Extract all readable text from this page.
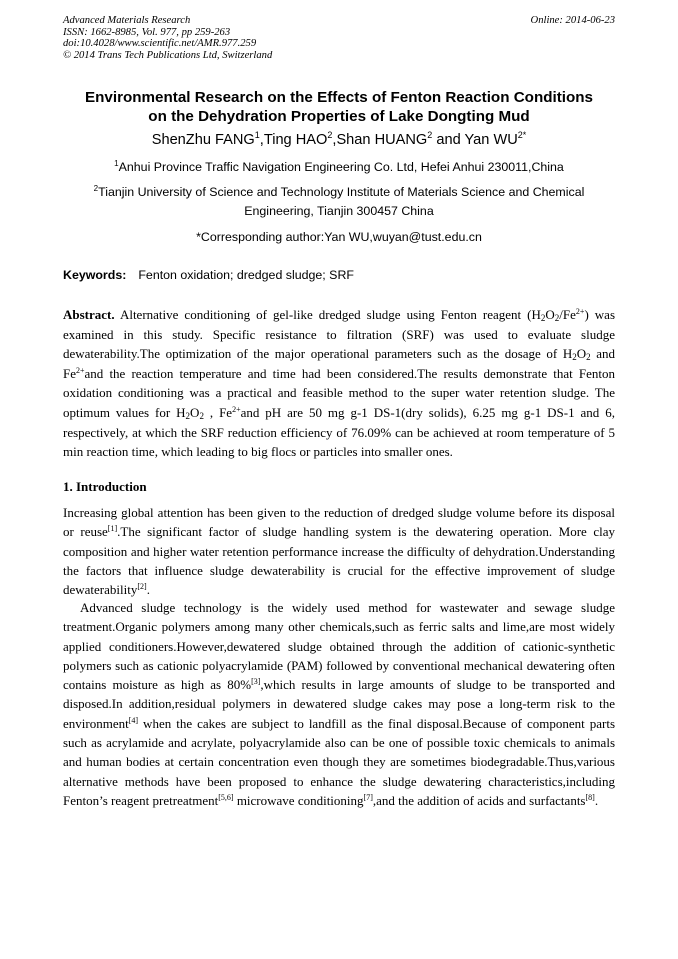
Advanced Materials Research
ISSN: 1662-8985, Vol. 977, pp 259-263
doi:10.4028/www.scientific.net/AMR.977.259
© 2014 Trans Tech Publications Ltd, Switzerland
Online: 2014-06-23
Environmental Research on the Effects of Fenton Reaction Conditions
on the Dehydration Properties of Lake Dongting Mud
ShenZhu FANG$^1$,Ting HAO$^2$,Shan HUANG$^2$ and Yan $WU^{2*}$
$^1$Anhui Province Traffic Navigation Engineering Co. Ltd, Hefei Anhui 230011,China
$^2$Tianjin University of Science and Technology Institute of Materials Science and Chemical Engineering, Tianjin 300457 China
*Corresponding author:Yan WU,wuyan@tust.edu.cn
Keywords: Fenton oxidation; dredged sludge; SRF
Abstract. Alternative conditioning of gel-like dredged sludge using Fenton reagent $(H_2O_2/Fe^{2+})$ was examined in this study. Specific resistance to filtration (SRF) was used to evaluate sludge dewaterability.The optimization of the major operational parameters such as the dosage of $H_2O_2$ and $Fe^{2+}and$ the reaction temperature and time had been considered.The results demonstrate that Fenton oxidation conditioning was a practical and feasible method to the super water retention sludge. The optimum values for $H_2O_2$ , $Fe^{2+}and$ pH are 50 mg g-1 DS-1(dry solids), 6.25 mg g-1 DS-1 and 6, respectively, at which the SRF reduction efficiency of 76.09% can be achieved at room temperature of 5 min reaction time, which leading to big flocs or particles into smaller ones.
1. Introduction

Increasing global attention has been given to the reduction of dredged sludge volume before its disposal or reuse[1].The significant factor of sludge handling system is the dewatering operation. More clay composition and higher water retention performance increase the difficulty of dehydration.Understanding the factors that influence sludge dewaterability is crucial for the effective improvement of sludge dewaterability[2].

Advanced sludge technology is the widely used method for wastewater and sewage sludge treatment.Organic polymers among many other chemicals,such as ferric salts and lime,are most widely applied conditioners.However,dewatered sludge obtained through the addition of cationic-synthetic polymers such as cationic polyacrylamide (PAM) followed by conventional mechanical dewatering often contains moisture as high as 80%[3],which results in large amounts of sludge to be transported and disposed.In addition,residual polymers in dewatered sludge cakes may pose a long-term risk to the environment[4] when the cakes are subject to landfill as the final disposal.Because of component parts such as acrylamide and acrylate, polyacrylamide also can be one of possible toxic chemicals to animals and human bodies at certain concentration even though they are sometimes biodegradable.Thus,various alternative methods have been proposed to enhance the sludge dewatering characteristics,including Fenton’s reagent pretreatment[5,6] microwave conditioning[7],and the addition of acids and surfactants[8].
